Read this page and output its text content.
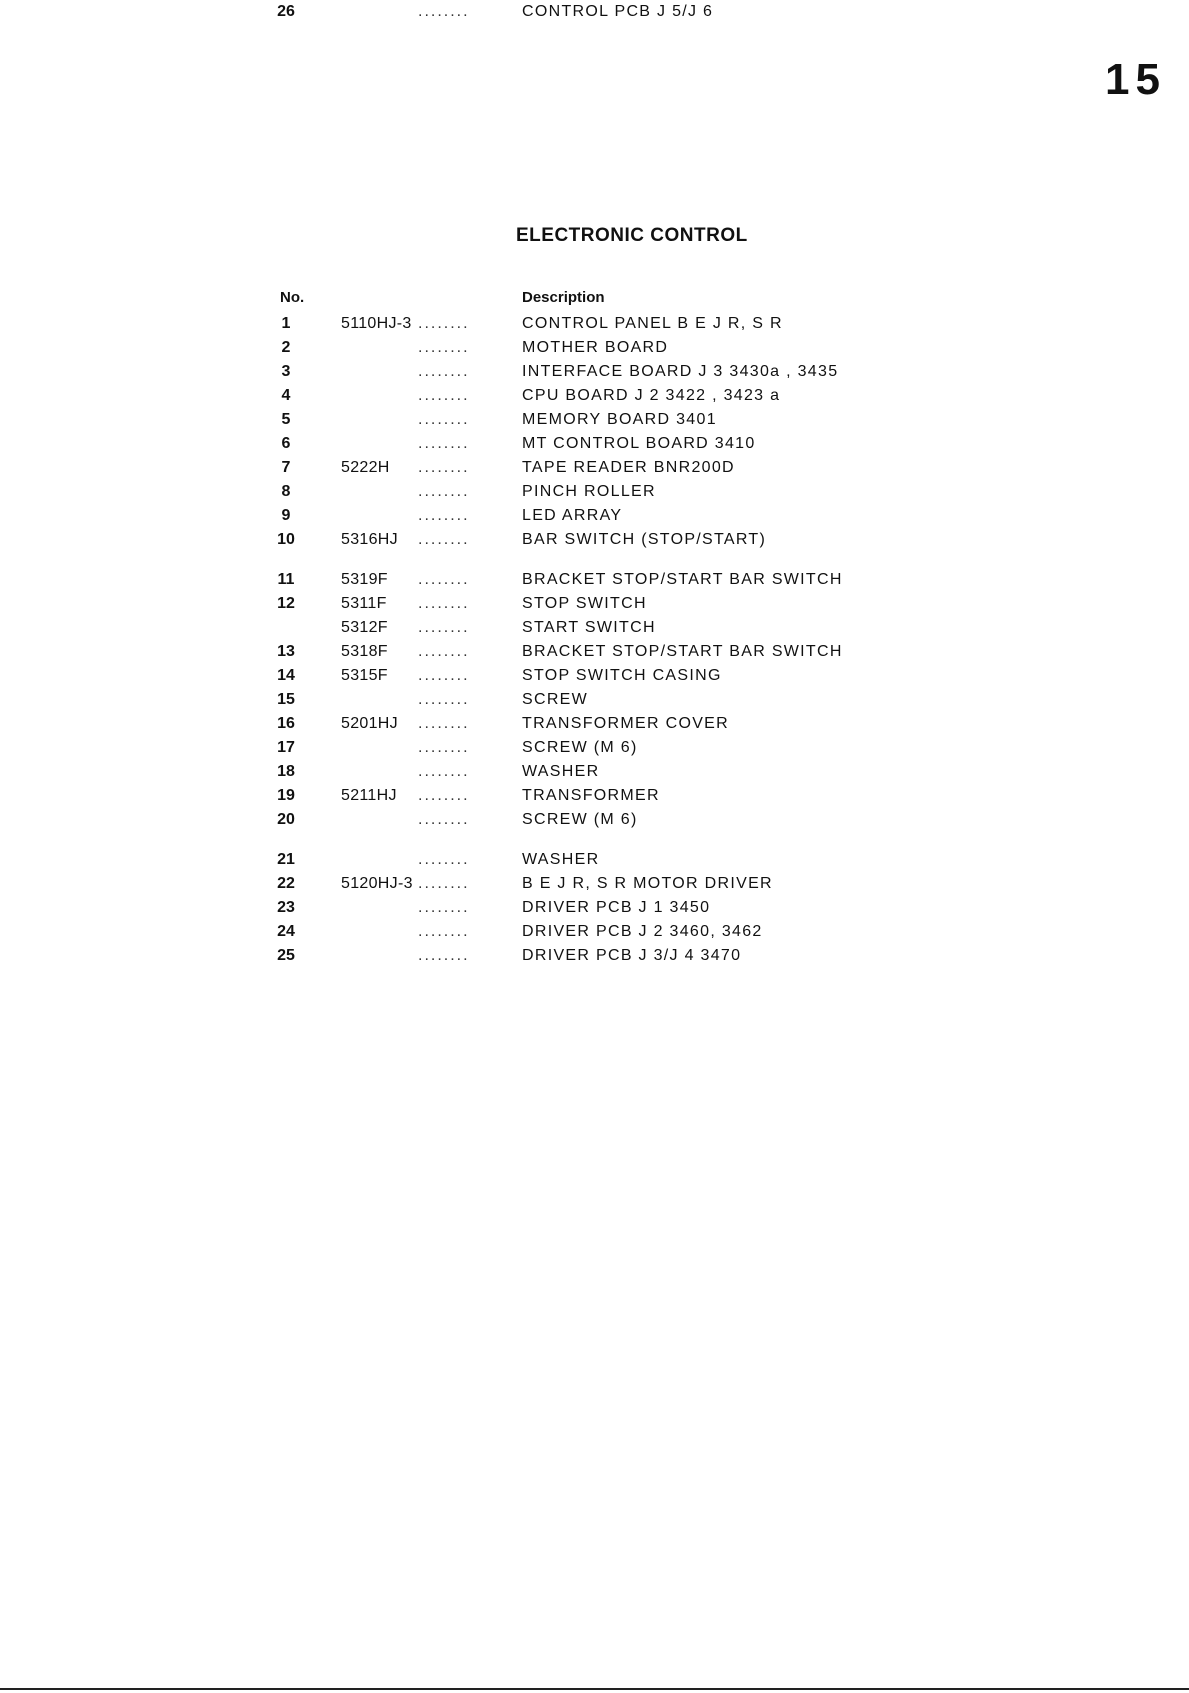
15
ELECTRONIC CONTROL
No.	Description
1	5110HJ-3 ........	CONTROL PANEL B E J R, S R
2	........	MOTHER BOARD
3	........	INTERFACE BOARD J 3 3430a , 3435
4	........	CPU BOARD J 2 3422 , 3423 a
5	........	MEMORY BOARD 3401
6	........	MT CONTROL BOARD 3410
7	5222H ........	TAPE READER BNR200D
8	........	PINCH ROLLER
9	........	LED ARRAY
10	5316HJ ........	BAR SWITCH (STOP/START)
11	5319F ........	BRACKET STOP/START BAR SWITCH
12	5311F ........	STOP SWITCH
5312F ........	START SWITCH
13	5318F ........	BRACKET STOP/START BAR SWITCH
14	5315F ........	STOP SWITCH CASING
15	........	SCREW
16	5201HJ ........	TRANSFORMER COVER
17	........	SCREW (M 6)
18	........	WASHER
19	5211HJ ........	TRANSFORMER
20	........	SCREW (M 6)
21	........	WASHER
22	5120HJ-3 ........	B E J R, S R MOTOR DRIVER
23	........	DRIVER PCB J 1 3450
24	........	DRIVER PCB J 2 3460, 3462
25	........	DRIVER PCB J 3/J 4 3470
26	........	CONTROL PCB J 5/J 6
